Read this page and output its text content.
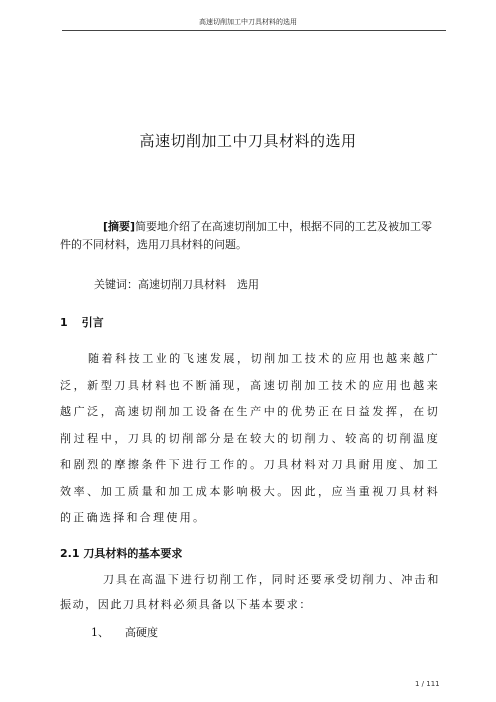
高速切削加工中刀具材料的选用
高速切削加工中刀具材料的选用
[摘要]简要地介绍了在高速切削加工中，根据不同的工艺及被加工零件的不同材料，选用刀具材料的问题。
关键词：高速切削刀具材料　选用
1 引言
随着科技工业的飞速发展，切削加工技术的应用也越来越广泛，新型刀具材料也不断涌现，高速切削加工技术的应用也越来越广泛，高速切削加工设备在生产中的优势正在日益发挥，在切削过程中，刀具的切削部分是在较大的切削力、较高的切削温度和剧烈的摩擦条件下进行工作的。刀具材料对刀具耐用度、加工效率、加工质量和加工成本影响极大。因此，应当重视刀具材料的正确选择和合理使用。
2.1 刀具材料的基本要求
刀具在高温下进行切削工作，同时还要承受切削力、冲击和振动，因此刀具材料必须具备以下基本要求：
1、 高硬度
1 / 111
